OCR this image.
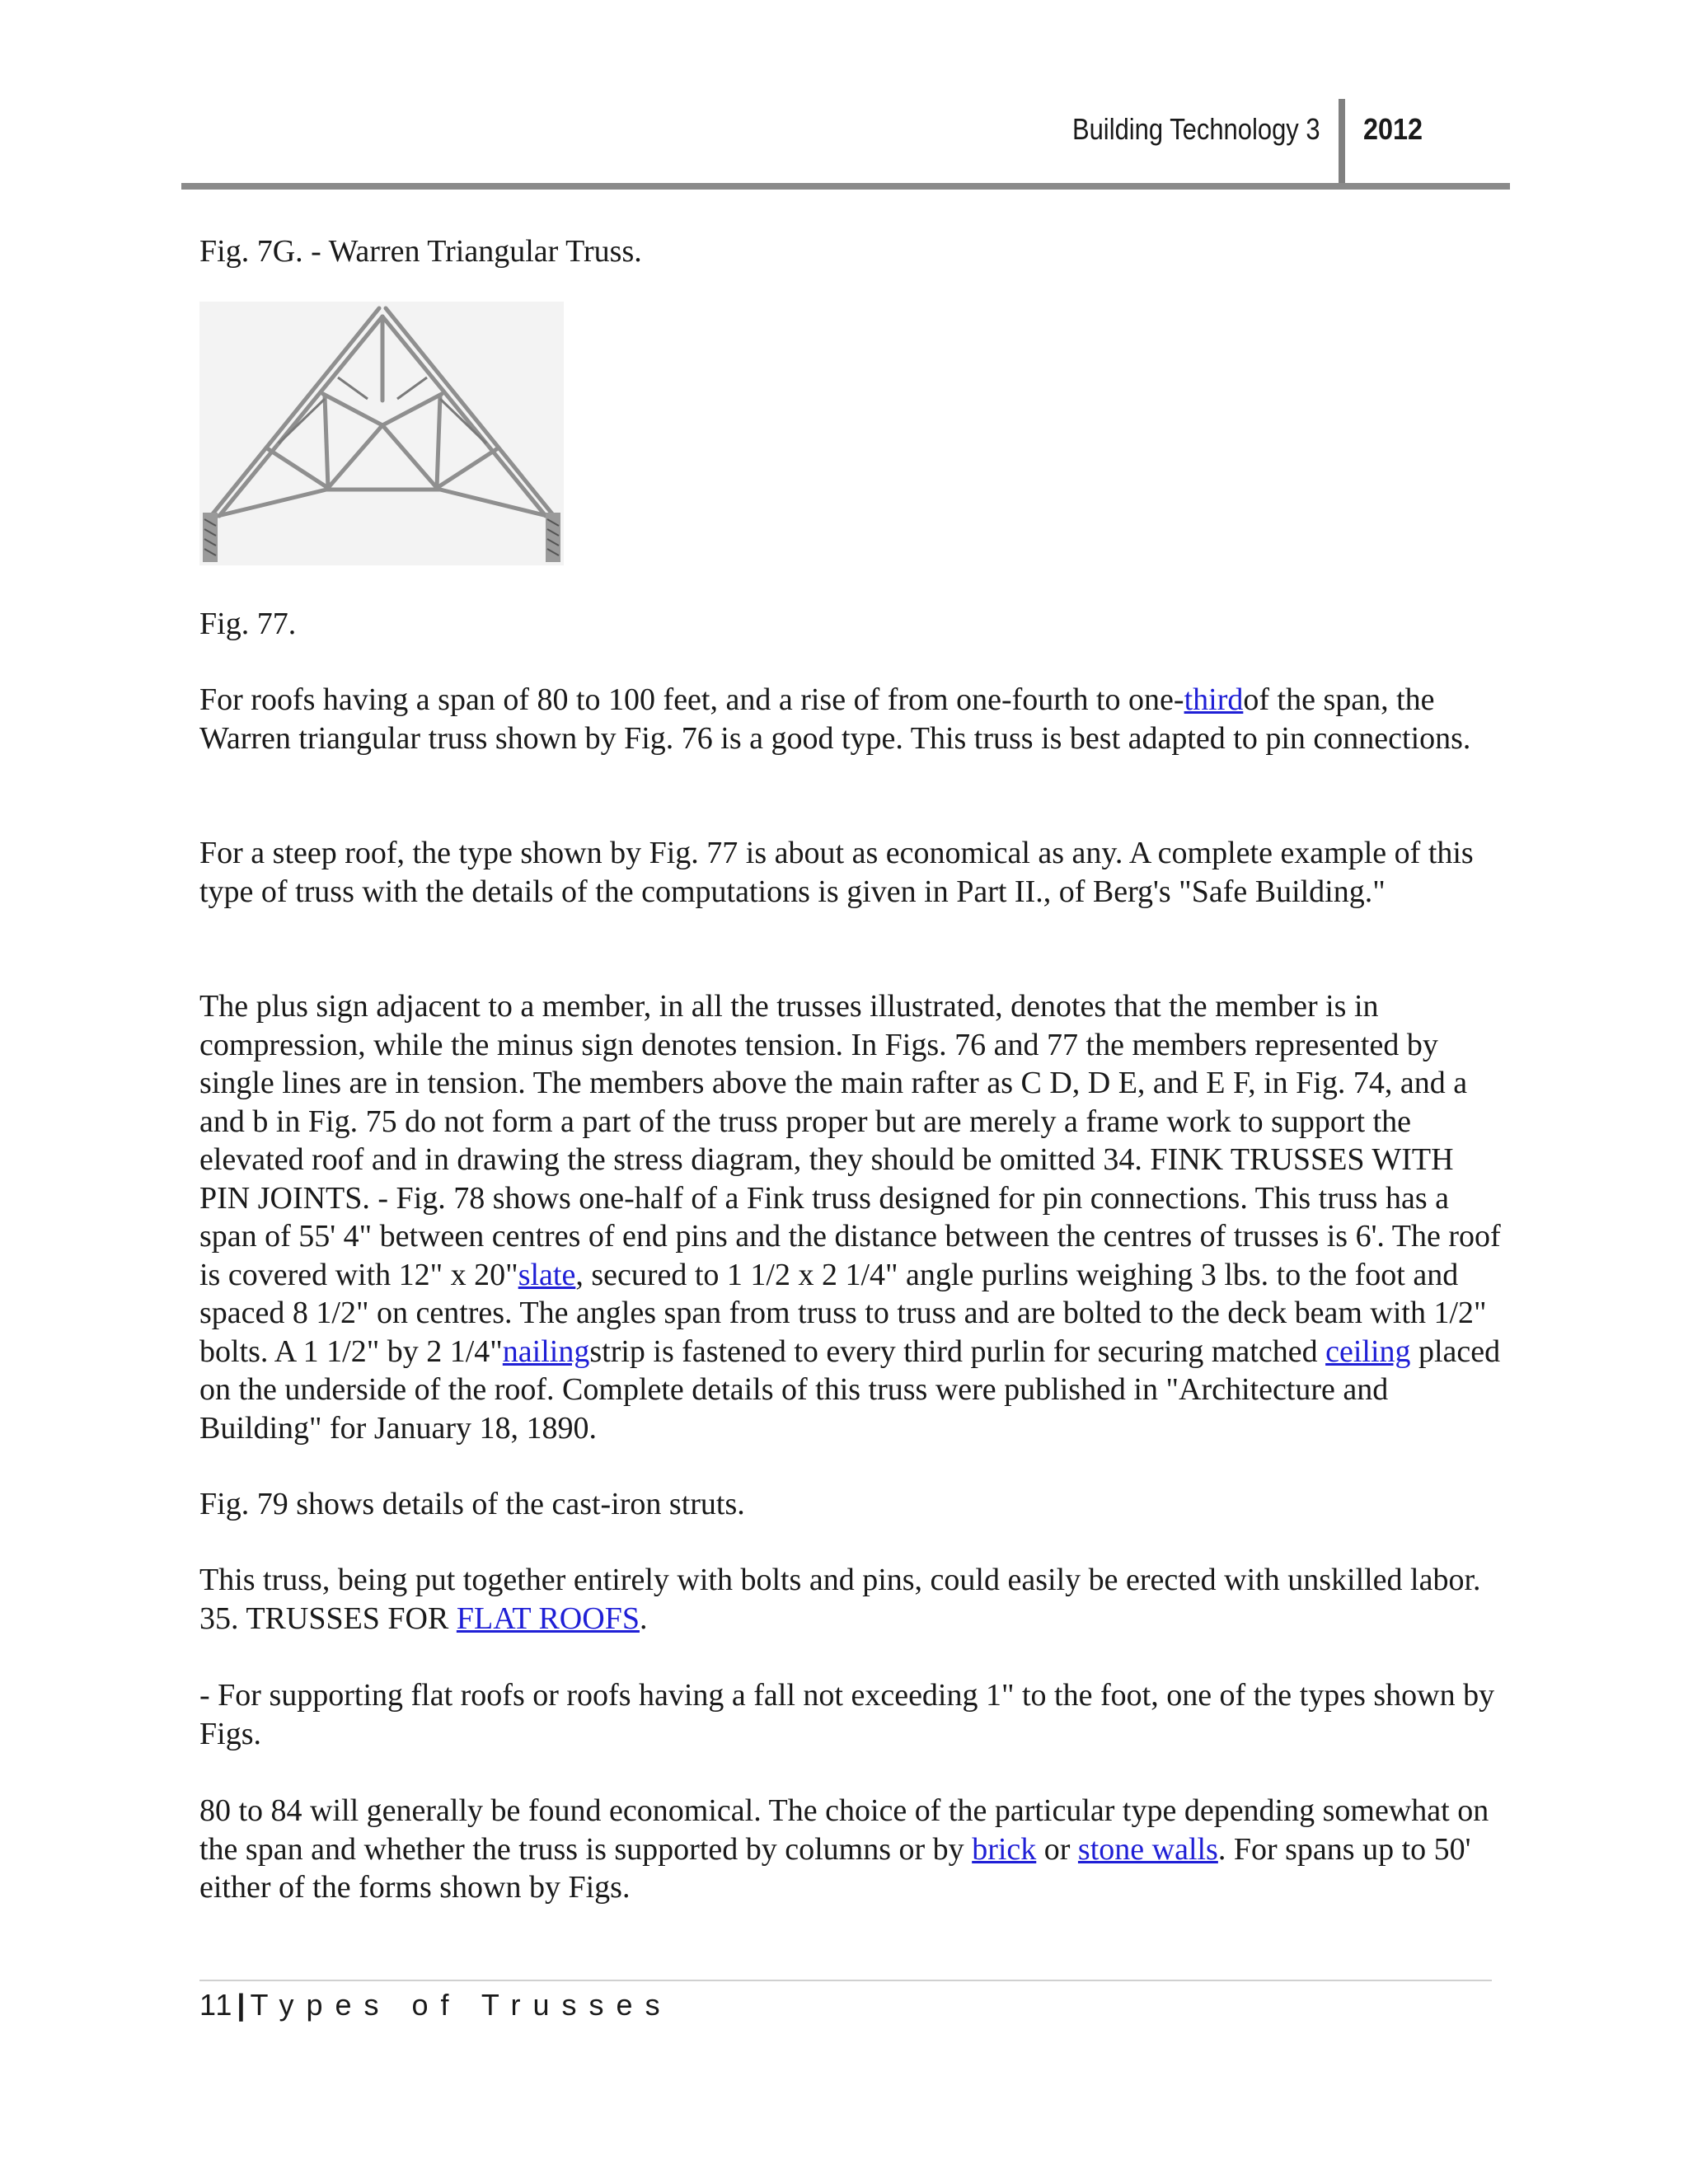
Building Technology 3 2012

Fig. 7G. - Warren Triangular Truss.

Fig. 77.

For roofs having a span of 80 to 100 feet, and a rise of from one-fourth to one-thirdof the span, the Warren triangular truss shown by Fig. 76 is a good type. This truss is best adapted to pin connections.

For a steep roof, the type shown by Fig. 77 is about as economical as any. A complete example of this type of truss with the details of the computations is given in Part II., of Berg's "Safe Building."

The plus sign adjacent to a member, in all the trusses illustrated, denotes that the member is in compression, while the minus sign denotes tension. In Figs. 76 and 77 the members represented by single lines are in tension. The members above the main rafter as C D, D E, and E F, in Fig. 74, and a and b in Fig. 75 do not form a part of the truss proper but are merely a frame work to support the elevated roof and in drawing the stress diagram, they should be omitted 34. FINK TRUSSES WITH PIN JOINTS. - Fig. 78 shows one-half of a Fink truss designed for pin connections. This truss has a span of 55' 4" between centres of end pins and the distance between the centres of trusses is 6'. The roof is covered with 12" x 20"slate, secured to 1 1/2 x 2 1/4" angle purlins weighing 3 lbs. to the foot and spaced 8 1/2" on centres. The angles span from truss to truss and are bolted to the deck beam with 1/2" bolts. A 1 1/2" by 2 1/4"nailingstrip is fastened to every third purlin for securing matched ceiling placed on the underside of the roof. Complete details of this truss were published in "Architecture and Building" for January 18, 1890.

Fig. 79 shows details of the cast-iron struts.

This truss, being put together entirely with bolts and pins, could easily be erected with unskilled labor. 35. TRUSSES FOR FLAT ROOFS.

- For supporting flat roofs or roofs having a fall not exceeding 1" to the foot, one of the types shown by Figs.

80 to 84 will generally be found economical. The choice of the particular type depending somewhat on the span and whether the truss is supported by columns or by brick or stone walls. For spans up to 50' either of the forms shown by Figs.

11 | Types of Trusses
